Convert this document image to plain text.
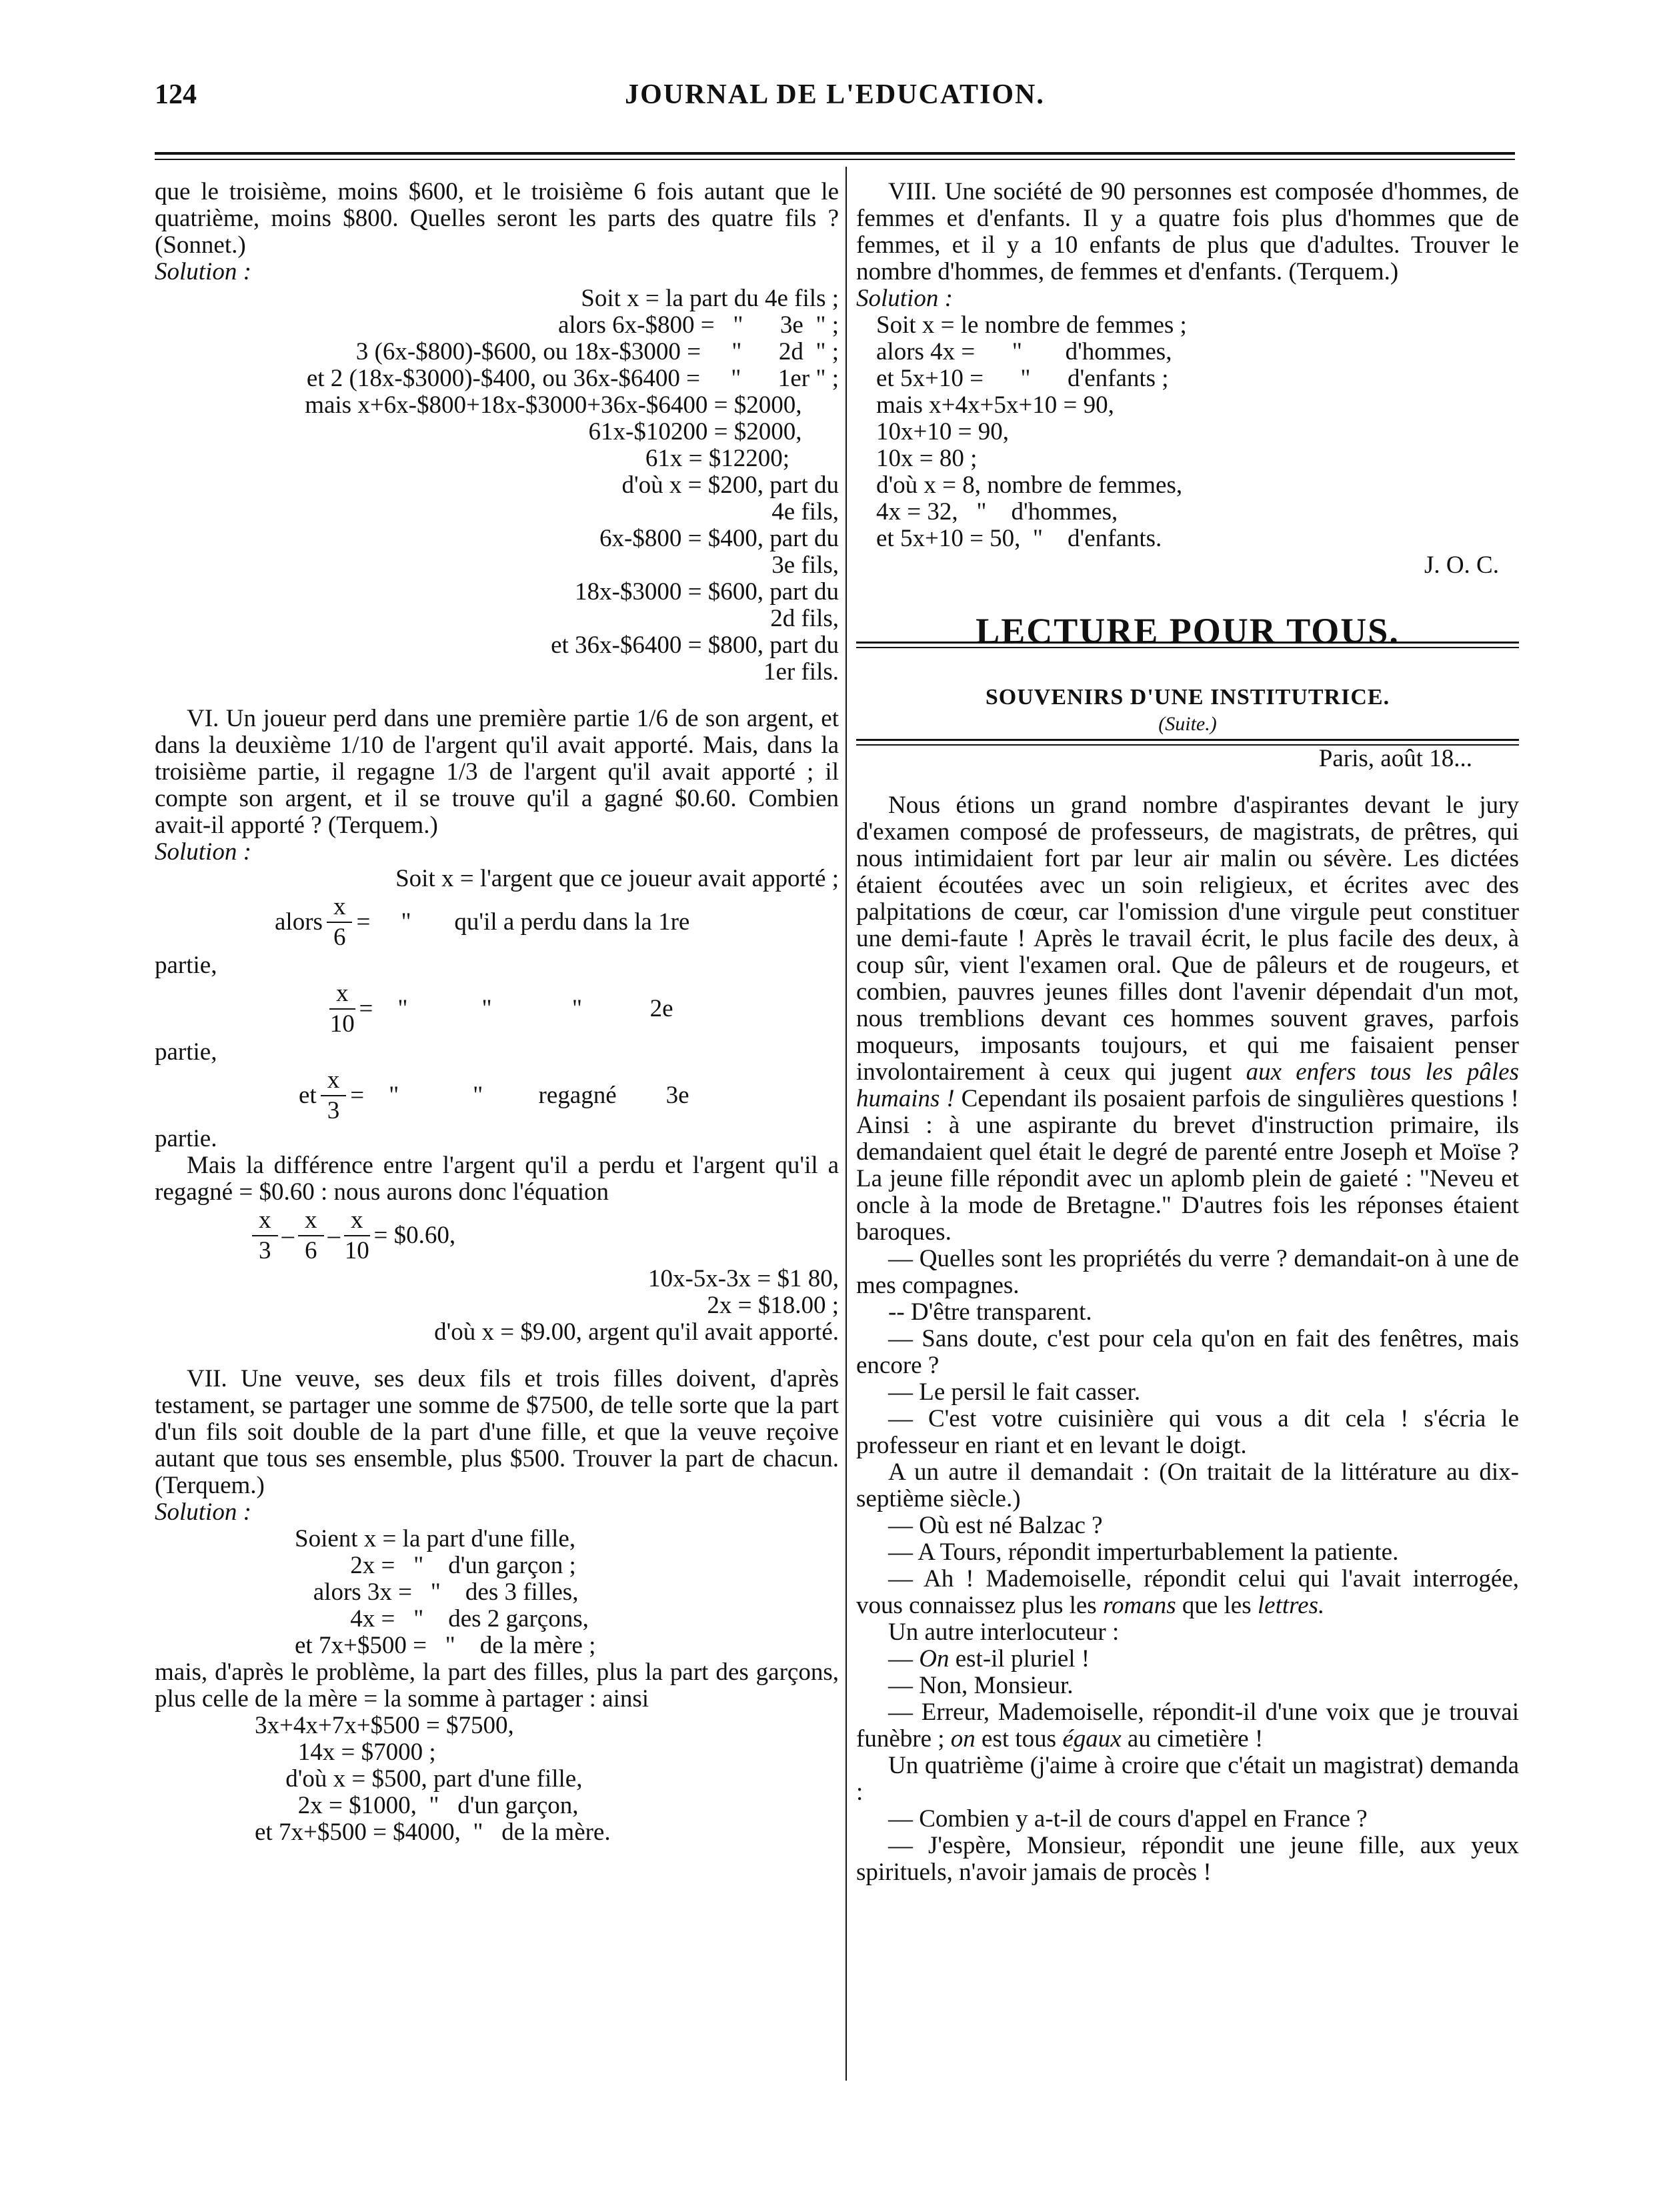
124	JOURNAL DE L'EDUCATION.

que le troisième, moins $600, et le troisième 6 fois autant que le quatrième, moins $800. Quelles seront les parts des quatre fils ? (Sonnet.)

Solution :

Soit x = la part du 4e fils ;

alors 6x-$800 =   "      3e  " ;

3 (6x-$800)-$600, ou 18x-$3000 =     "      2d  " ;

et 2 (18x-$3000)-$400, ou 36x-$6400 =     "      1er " ;

mais x+6x-$800+18x-$3000+36x-$6400 = $2000,

61x-$10200 = $2000,

61x = $12200;

d'où x = $200, part du

4e fils,

6x-$800 = $400, part du

3e fils,

18x-$3000 = $600, part du

2d fils,

et 36x-$6400 = $800, part du

1er fils.

VI. Un joueur perd dans une première partie 1/6 de son argent, et dans la deuxième 1/10 de l'argent qu'il avait apporté. Mais, dans la troisième partie, il regagne 1/3 de l'argent qu'il avait apporté ; il compte son argent, et il se trouve qu'il a gagné $0.60. Combien avait-il apporté ? (Terquem.)

Solution :

Soit x = l'argent que ce joueur avait apporté ;

alors $\frac{x}{6}$ =     "       qu'il a perdu dans la 1re

partie,

$\frac{x}{10}$ =    "            "             "           2e

partie,

et $\frac{x}{3}$ =    "            "         regagné        3e

partie.

Mais la différence entre l'argent qu'il a perdu et l'argent qu'il a regagné = $0.60 : nous aurons donc l'équation

$\frac{x}{3} - \frac{x}{6} - \frac{x}{10}$ = $0.60,

10x-5x-3x = $1 80,

2x = $18.00 ;

d'où x = $9.00, argent qu'il avait apporté.

VII. Une veuve, ses deux fils et trois filles doivent, d'après testament, se partager une somme de $7500, de telle sorte que la part d'un fils soit double de la part d'une fille, et que la veuve reçoive autant que tous ses ensemble, plus $500. Trouver la part de chacun. (Terquem.)

Solution :

Soient x = la part d'une fille,

2x =   "    d'un garçon ;

alors 3x =   "    des 3 filles,

4x =   "    des 2 garçons,

et 7x+$500 =   "    de la mère ;

mais, d'après le problème, la part des filles, plus la part des garçons, plus celle de la mère = la somme à partager : ainsi

3x+4x+7x+$500 = $7500,

14x = $7000 ;

d'où x = $500, part d'une fille,

2x = $1000,  "   d'un garçon,

et 7x+$500 = $4000,  "   de la mère.

VIII. Une société de 90 personnes est composée d'hommes, de femmes et d'enfants. Il y a quatre fois plus d'hommes que de femmes, et il y a 10 enfants de plus que d'adultes. Trouver le nombre d'hommes, de femmes et d'enfants. (Terquem.)

Solution :

Soit x = le nombre de femmes ;

alors 4x =      "       d'hommes,

et 5x+10 =      "      d'enfants ;

mais x+4x+5x+10 = 90,

10x+10 = 90,

10x = 80 ;

d'où x = 8, nombre de femmes,

4x = 32,   "    d'hommes,

et 5x+10 = 50,  "    d'enfants.

J. O. C.

LECTURE POUR TOUS.
SOUVENIRS D'UNE INSTITUTRICE.
(Suite.)

Paris, août 18...

Nous étions un grand nombre d'aspirantes devant le jury d'examen composé de professeurs, de magistrats, de prêtres, qui nous intimidaient fort par leur air malin ou sévère. Les dictées étaient écoutées avec un soin religieux, et écrites avec des palpitations de cœur, car l'omission d'une virgule peut constituer une demi-faute ! Après le travail écrit, le plus facile des deux, à coup sûr, vient l'examen oral. Que de pâleurs et de rougeurs, et combien, pauvres jeunes filles dont l'avenir dépendait d'un mot, nous tremblions devant ces hommes souvent graves, parfois moqueurs, imposants toujours, et qui me faisaient penser involontairement à ceux qui jugent aux enfers tous les pâles humains ! Cependant ils posaient parfois de singulières questions ! Ainsi : à une aspirante du brevet d'instruction primaire, ils demandaient quel était le degré de parenté entre Joseph et Moïse ? La jeune fille répondit avec un aplomb plein de gaieté : "Neveu et oncle à la mode de Bretagne." D'autres fois les réponses étaient baroques.

— Quelles sont les propriétés du verre ? demandait-on à une de mes compagnes.

-- D'être transparent.

— Sans doute, c'est pour cela qu'on en fait des fenêtres, mais encore ?

— Le persil le fait casser.

— C'est votre cuisinière qui vous a dit cela ! s'écria le professeur en riant et en levant le doigt.

A un autre il demandait : (On traitait de la littérature au dix-septième siècle.)

— Où est né Balzac ?

— A Tours, répondit imperturbablement la patiente.

— Ah ! Mademoiselle, répondit celui qui l'avait interrogée, vous connaissez plus les romans que les lettres.

Un autre interlocuteur :

— On est-il pluriel !

— Non, Monsieur.

— Erreur, Mademoiselle, répondit-il d'une voix que je trouvai funèbre ; on est tous égaux au cimetière !

Un quatrième (j'aime à croire que c'était un magistrat) demanda :

— Combien y a-t-il de cours d'appel en France ?

— J'espère, Monsieur, répondit une jeune fille, aux yeux spirituels, n'avoir jamais de procès !
